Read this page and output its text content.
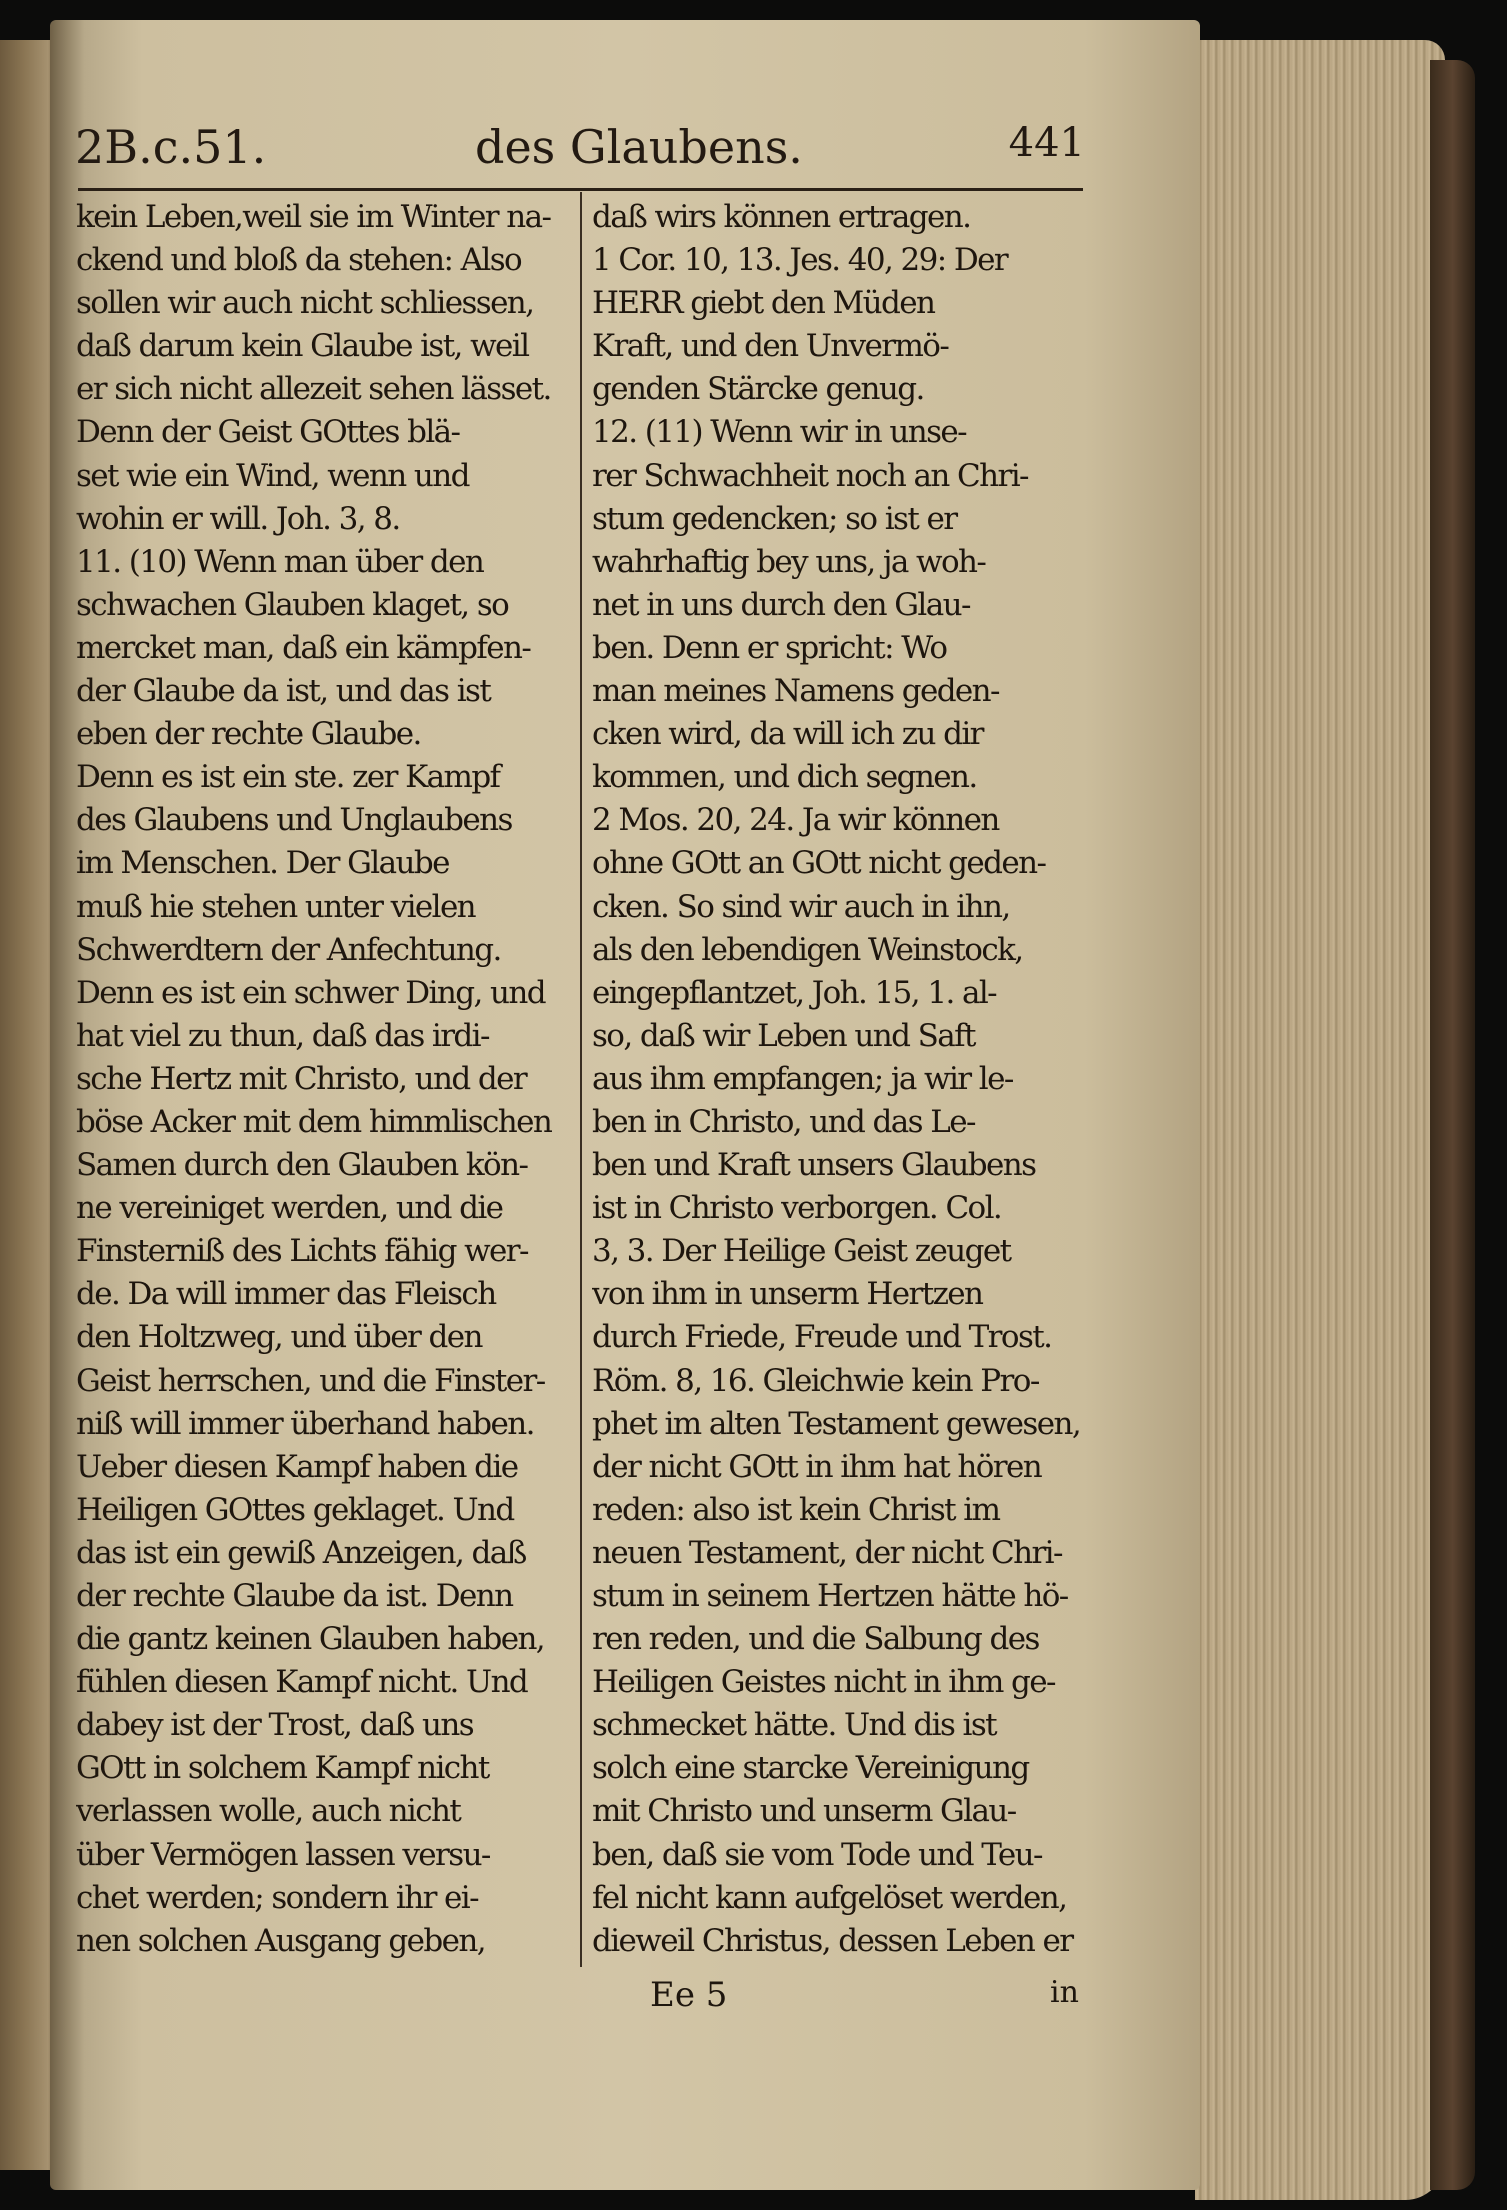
2B.c.51.	des Glaubens.	441
kein Leben,weil sie im Winter na-
ckend und bloß da stehen: Also
sollen wir auch nicht schliessen,
daß darum kein Glaube ist, weil
er sich nicht allezeit sehen lässet.
Denn der Geist GOttes blä-
set wie ein Wind, wenn und
wohin er will. Joh. 3, 8.
11. (10) Wenn man über den
schwachen Glauben klaget, so
mercket man, daß ein kämpfen-
der Glaube da ist, und das ist
eben der rechte Glaube.
Denn es ist ein ste. zer Kampf
des Glaubens und Unglaubens
im Menschen. Der Glaube
muß hie stehen unter vielen
Schwerdtern der Anfechtung.
Denn es ist ein schwer Ding, und
hat viel zu thun, daß das irdi-
sche Hertz mit Christo, und der
böse Acker mit dem himmlischen
Samen durch den Glauben kön-
ne vereiniget werden, und die
Finsterniß des Lichts fähig wer-
de. Da will immer das Fleisch
den Holtzweg, und über den
Geist herrschen, und die Finster-
niß will immer überhand haben.
Ueber diesen Kampf haben die
Heiligen GOttes geklaget. Und
das ist ein gewiß Anzeigen, daß
der rechte Glaube da ist. Denn
die gantz keinen Glauben haben,
fühlen diesen Kampf nicht. Und
dabey ist der Trost, daß uns
GOtt in solchem Kampf nicht
verlassen wolle, auch nicht
über Vermögen lassen versu-
chet werden; sondern ihr ei-
nen solchen Ausgang geben,
daß wirs können ertragen.
1 Cor. 10, 13. Jes. 40, 29: Der
HERR giebt den Müden
Kraft, und den Unvermö-
genden Stärcke genug.
12. (11) Wenn wir in unse-
rer Schwachheit noch an Chri-
stum gedencken; so ist er
wahrhaftig bey uns, ja woh-
net in uns durch den Glau-
ben. Denn er spricht: Wo
man meines Namens geden-
cken wird, da will ich zu dir
kommen, und dich segnen.
2 Mos. 20, 24. Ja wir können
ohne GOtt an GOtt nicht geden-
cken. So sind wir auch in ihn,
als den lebendigen Weinstock,
eingepflantzet, Joh. 15, 1. al-
so, daß wir Leben und Saft
aus ihm empfangen; ja wir le-
ben in Christo, und das Le-
ben und Kraft unsers Glaubens
ist in Christo verborgen. Col.
3, 3. Der Heilige Geist zeuget
von ihm in unserm Hertzen
durch Friede, Freude und Trost.
Röm. 8, 16. Gleichwie kein Pro-
phet im alten Testament gewesen,
der nicht GOtt in ihm hat hören
reden: also ist kein Christ im
neuen Testament, der nicht Chri-
stum in seinem Hertzen hätte hö-
ren reden, und die Salbung des
Heiligen Geistes nicht in ihm ge-
schmecket hätte. Und dis ist
solch eine starcke Vereinigung
mit Christo und unserm Glau-
ben, daß sie vom Tode und Teu-
fel nicht kann aufgelöset werden,
dieweil Christus, dessen Leben er
Ee 5	in
